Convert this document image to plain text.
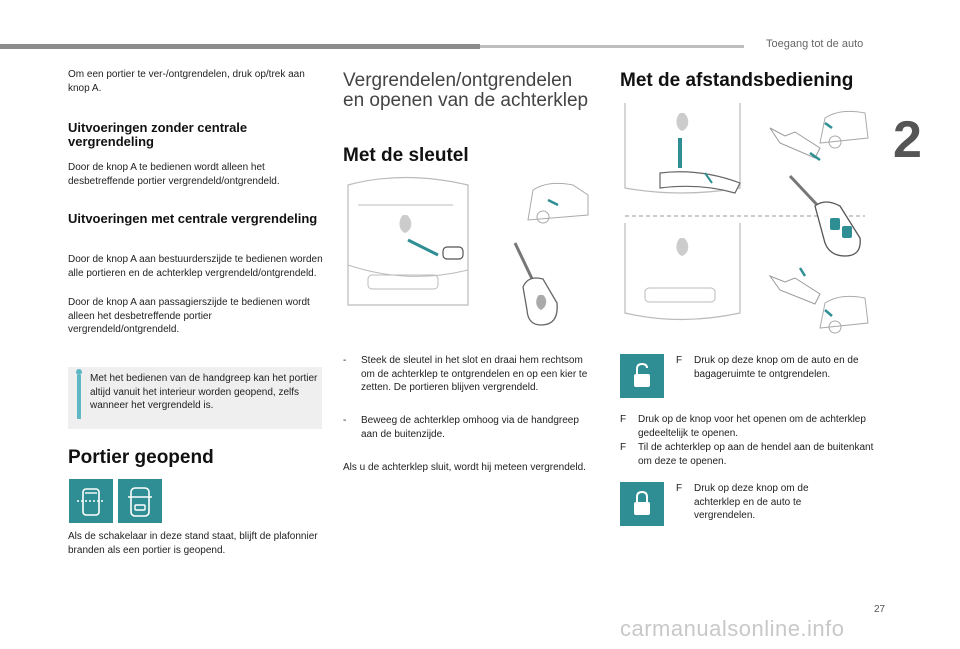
Toegang tot de auto
2

Om een portier te ver-/ontgrendelen, druk op/trek aan knop A.

Uitvoeringen zonder centrale vergrendeling

Door de knop A te bedienen wordt alleen het desbetreffende portier vergrendeld/ontgrendeld.

Uitvoeringen met centrale vergrendeling

Door de knop A aan bestuurderszijde te bedienen worden alle portieren en de achterklep vergrendeld/ontgrendeld.

Door de knop A aan passagierszijde te bedienen wordt alleen het desbetreffende portier vergrendeld/ontgrendeld.

Met het bedienen van de handgreep kan het portier altijd vanuit het interieur worden geopend, zelfs wanneer het vergrendeld is.

Portier geopend

Als de schakelaar in deze stand staat, blijft de plafonnier branden als een portier is geopend.

Vergrendelen/ontgrendelen

en openen van de achterklep

Met de sleutel

- Steek de sleutel in het slot en draai hem rechtsom om de achterklep te ontgrendelen en op een kier te zetten. De portieren blijven vergrendeld.
- Beweeg de achterklep omhoog via de handgreep aan de buitenzijde.

Als u de achterklep sluit, wordt hij meteen vergrendeld.

Met de afstandsbediening

F Druk op deze knop om de auto en de bagageruimte te ontgrendelen.
F Druk op de knop voor het openen om de achterklep gedeeltelijk te openen.
F Til de achterklep op aan de hendel aan de buitenkant om deze te openen.
F Druk op deze knop om de achterklep en de auto te vergrendelen.
27
carmanualsonline.info
